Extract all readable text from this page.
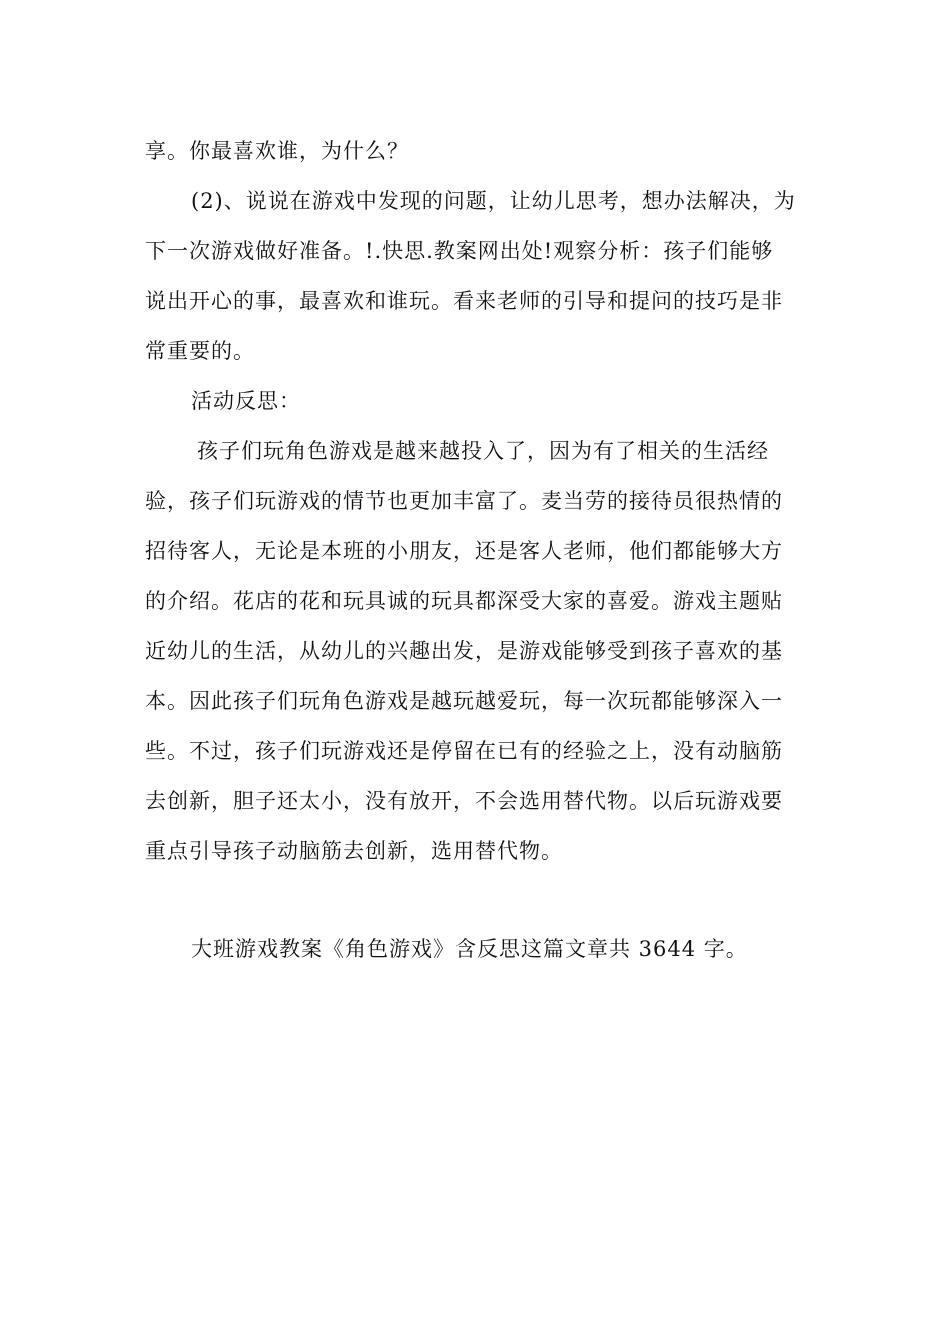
享。你最喜欢谁，为什么？
(2)、说说在游戏中发现的问题，让幼儿思考，想办法解决，为
下一次游戏做好准备。!.快思.教案网出处!观察分析：孩子们能够
说出开心的事，最喜欢和谁玩。看来老师的引导和提问的技巧是非
常重要的。
活动反思：
孩子们玩角色游戏是越来越投入了，因为有了相关的生活经
验，孩子们玩游戏的情节也更加丰富了。麦当劳的接待员很热情的
招待客人，无论是本班的小朋友，还是客人老师，他们都能够大方
的介绍。花店的花和玩具诚的玩具都深受大家的喜爱。游戏主题贴
近幼儿的生活，从幼儿的兴趣出发，是游戏能够受到孩子喜欢的基
本。因此孩子们玩角色游戏是越玩越爱玩，每一次玩都能够深入一
些。不过，孩子们玩游戏还是停留在已有的经验之上，没有动脑筋
去创新，胆子还太小，没有放开，不会选用替代物。以后玩游戏要
重点引导孩子动脑筋去创新，选用替代物。
大班游戏教案《角色游戏》含反思这篇文章共 3644 字。
